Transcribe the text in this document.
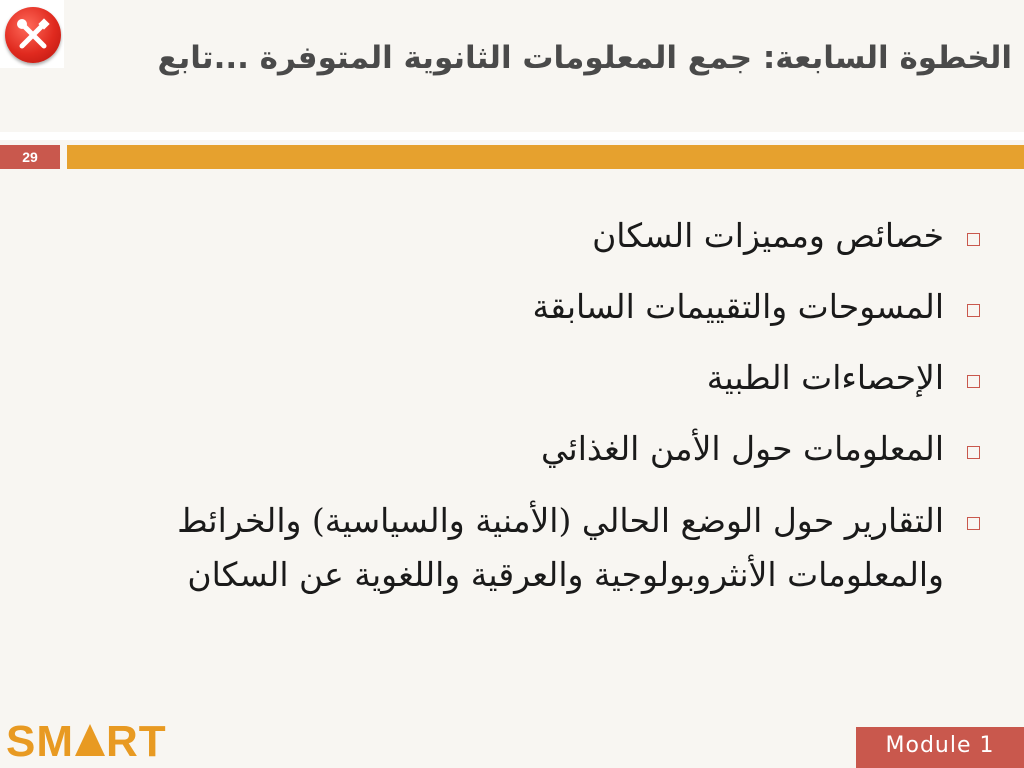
الخطوة السابعة: جمع المعلومات الثانوية المتوفرة ...تابع
29
خصائص ومميزات السكان
المسوحات والتقييمات السابقة
الإحصاءات الطبية
المعلومات حول الأمن الغذائي
التقارير حول الوضع الحالي (الأمنية والسياسية) والخرائط والمعلومات الأنثروبولوجية والعرقية واللغوية عن السكان
SM RT	Module 1
